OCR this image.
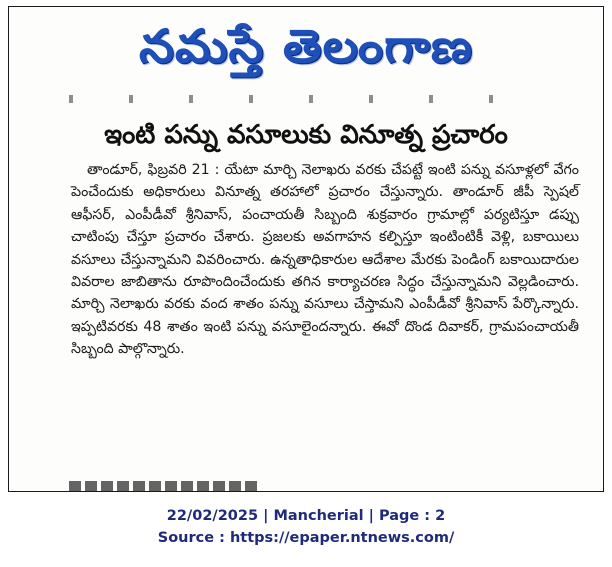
నమస్తే తెలంగాణ
ఇంటి పన్ను వసూలుకు వినూత్న ప్రచారం
తాండూర్, ఫిబ్రవరి 21 : యేటా మార్చి నెలాఖరు వరకు చేపట్టే ఇంటి పన్ను వసూళ్లలో వేగం పెంచేందుకు అధికారులు వినూత్న తరహాలో ప్రచారం చేస్తున్నారు. తాండూర్ జీపీ స్పెషల్ ఆఫీసర్, ఎంపీడీవో శ్రీనివాస్, పంచాయతీ సిబ్బంది శుక్రవారం గ్రామాల్లో పర్యటిస్తూ డప్పు చాటింపు చేస్తూ ప్రచారం చేశారు. ప్రజలకు అవగాహన కల్పిస్తూ ఇంటింటికీ వెళ్లి, బకాయిలు వసూలు చేస్తున్నామని వివరించారు. ఉన్నతాధికారుల ఆదేశాల మేరకు పెండింగ్ బకాయిదారుల వివరాల జాబితాను రూపొందించేందుకు తగిన కార్యాచరణ సిద్ధం చేస్తున్నామని వెల్లడించారు. మార్చి నెలాఖరు వరకు వంద శాతం పన్ను వసూలు చేస్తామని ఎంపీడీవో శ్రీనివాస్ పేర్కొన్నారు. ఇప్పటివరకు 48 శాతం ఇంటి పన్ను వసూలైందన్నారు. ఈవో దొండ దివాకర్, గ్రామపంచాయతీ సిబ్బంది పాల్గొన్నారు.
22/02/2025 | Mancherial | Page : 2
Source : https://epaper.ntnews.com/
